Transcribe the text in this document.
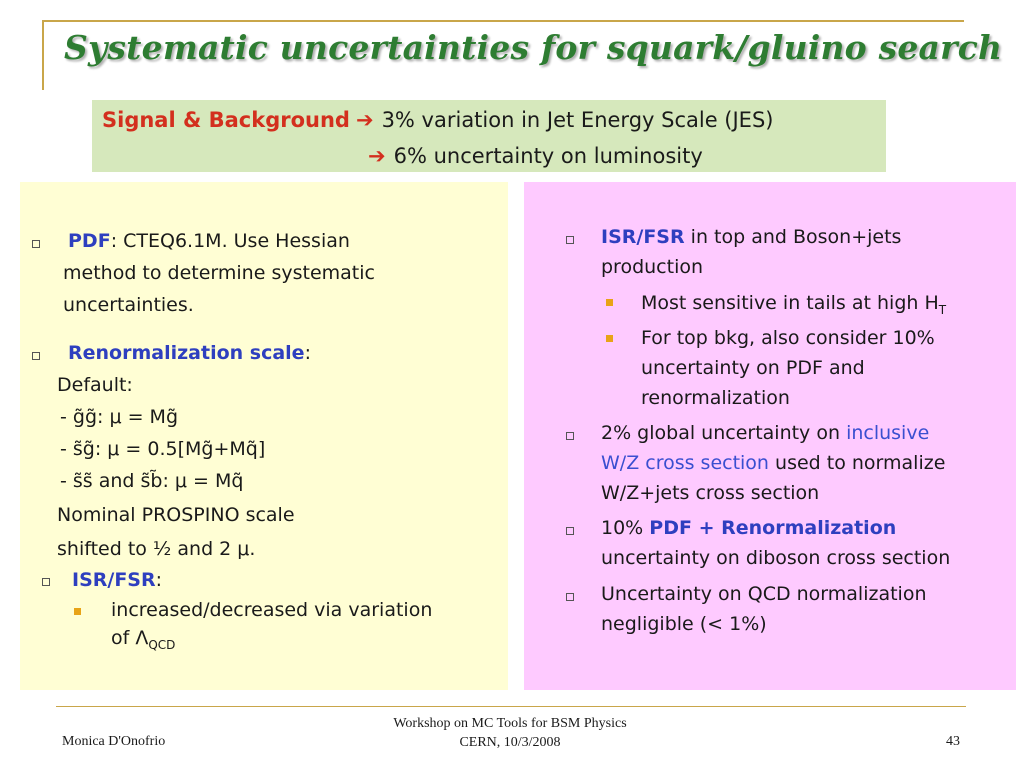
Systematic uncertainties for squark/gluino search
Signal & Background ➔ 3% variation in Jet Energy Scale (JES)
➔ 6% uncertainty on luminosity
PDF: CTEQ6.1M. Use Hessian
method to determine systematic
uncertainties.
Renormalization scale:
Default:
- g̃g̃: μ = Mg̃
- s̃g̃: μ = 0.5[Mg̃+Mq̃]
- s̃s̃ and s̃b̃: μ = Mq̃
Nominal PROSPINO scale
shifted to ½ and 2 μ.
ISR/FSR:
increased/decreased via variation
of $\Lambda_{QCD}$
ISR/FSR in top and Boson+jets
production
Most sensitive in tails at high $H_T$
For top bkg, also consider 10%
uncertainty on PDF and
renormalization
2% global uncertainty on inclusive
W/Z cross section used to normalize
W/Z+jets cross section
10% PDF + Renormalization
uncertainty on diboson cross section
Uncertainty on QCD normalization
negligible (< 1%)
Monica D'Onofrio
Workshop on MC Tools for BSM Physics
CERN, 10/3/2008	43
